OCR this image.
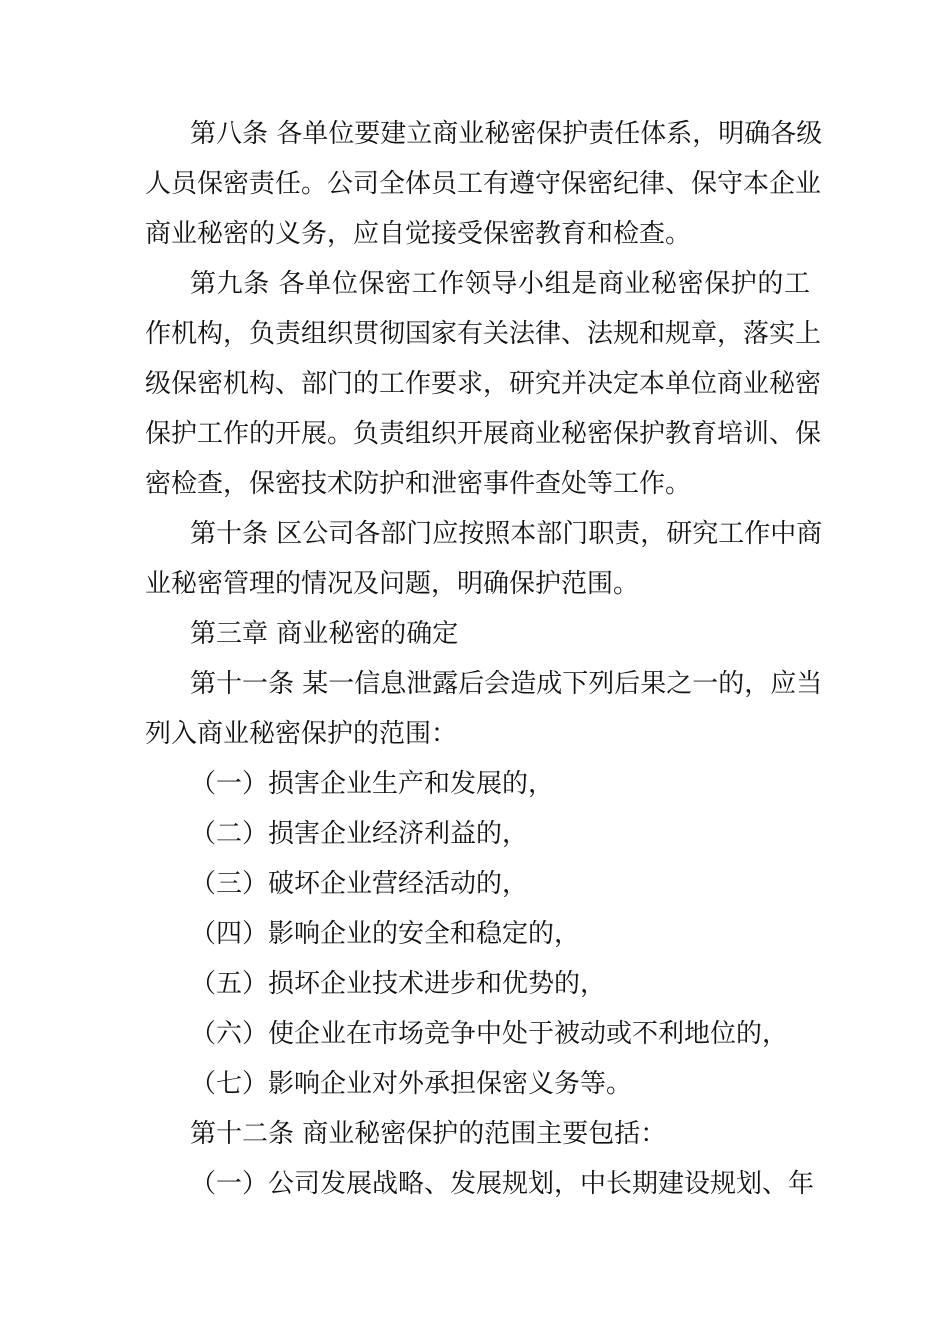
第八条 各单位要建立商业秘密保护责任体系，明确各级
人员保密责任。公司全体员工有遵守保密纪律、保守本企业
商业秘密的义务，应自觉接受保密教育和检查。
第九条 各单位保密工作领导小组是商业秘密保护的工
作机构，负责组织贯彻国家有关法律、法规和规章，落实上
级保密机构、部门的工作要求，研究并决定本单位商业秘密
保护工作的开展。负责组织开展商业秘密保护教育培训、保
密检查，保密技术防护和泄密事件查处等工作。
第十条 区公司各部门应按照本部门职责，研究工作中商
业秘密管理的情况及问题，明确保护范围。
第三章 商业秘密的确定
第十一条 某一信息泄露后会造成下列后果之一的，应当
列入商业秘密保护的范围：
（一）损害企业生产和发展的，
（二）损害企业经济利益的，
（三）破坏企业营经活动的，
（四）影响企业的安全和稳定的，
（五）损坏企业技术进步和优势的，
（六）使企业在市场竞争中处于被动或不利地位的，
（七）影响企业对外承担保密义务等。
第十二条 商业秘密保护的范围主要包括：
（一）公司发展战略、发展规划，中长期建设规划、年
